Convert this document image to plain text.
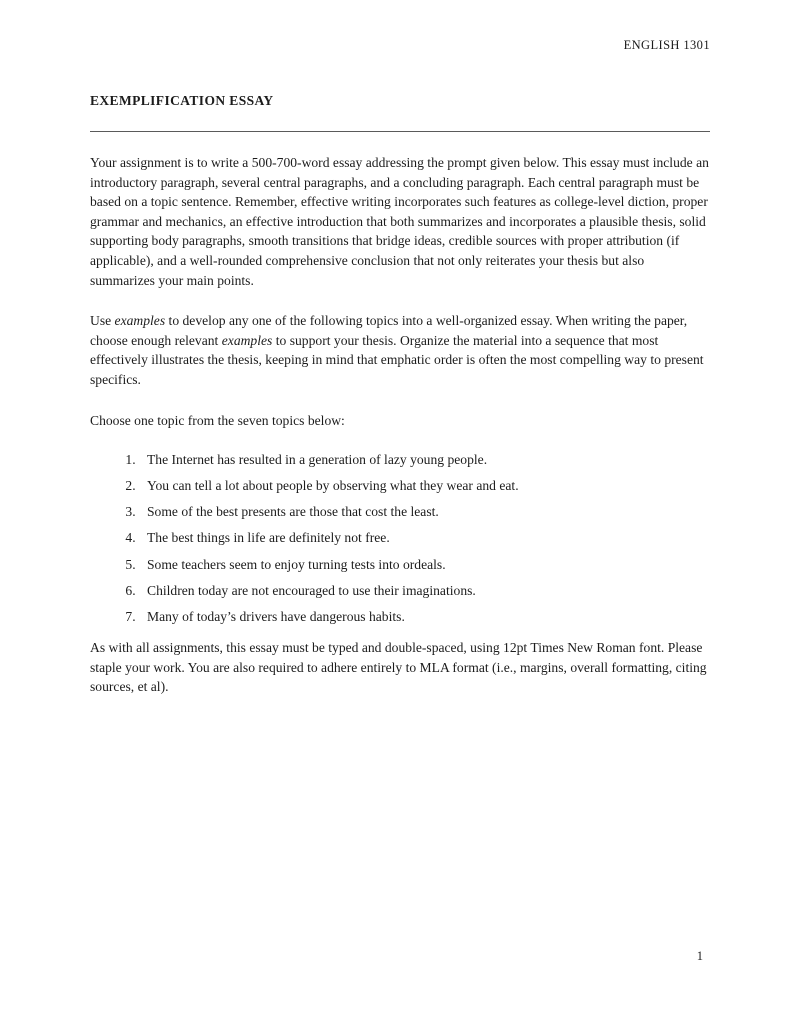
ENGLISH 1301
EXEMPLIFICATION ESSAY

Your assignment is to write a 500-700-word essay addressing the prompt given below. This essay must include an introductory paragraph, several central paragraphs, and a concluding paragraph. Each central paragraph must be based on a topic sentence. Remember, effective writing incorporates such features as college-level diction, proper grammar and mechanics, an effective introduction that both summarizes and incorporates a plausible thesis, solid supporting body paragraphs, smooth transitions that bridge ideas, credible sources with proper attribution (if applicable), and a well-rounded comprehensive conclusion that not only reiterates your thesis but also summarizes your main points.

Use examples to develop any one of the following topics into a well-organized essay. When writing the paper, choose enough relevant examples to support your thesis. Organize the material into a sequence that most effectively illustrates the thesis, keeping in mind that emphatic order is often the most compelling way to present specifics.

Choose one topic from the seven topics below:

1. The Internet has resulted in a generation of lazy young people.
2. You can tell a lot about people by observing what they wear and eat.
3. Some of the best presents are those that cost the least.
4. The best things in life are definitely not free.
5. Some teachers seem to enjoy turning tests into ordeals.
6. Children today are not encouraged to use their imaginations.
7. Many of today’s drivers have dangerous habits.

As with all assignments, this essay must be typed and double-spaced, using 12pt Times New Roman font. Please staple your work. You are also required to adhere entirely to MLA format (i.e., margins, overall formatting, citing sources, et al).

1
